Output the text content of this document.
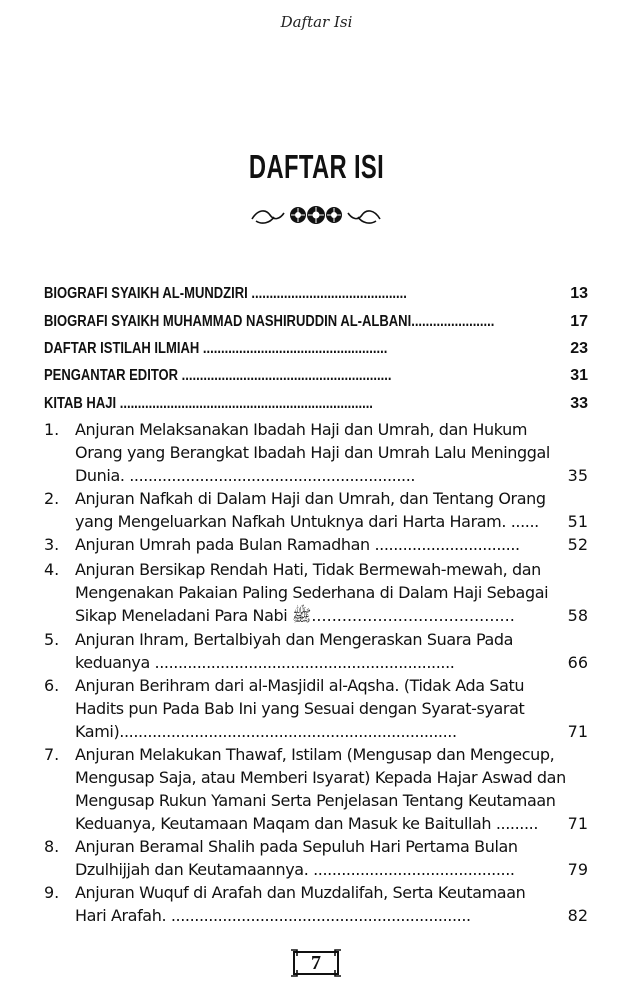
Daftar Isi
DAFTAR ISI
BIOGRAFI SYAIKH AL-MUNDZIRI ...........................................	13
BIOGRAFI SYAIKH MUHAMMAD NASHIRUDDIN AL-ALBANI.......................	17
DAFTAR ISTILAH ILMIAH ...................................................	23
PENGANTAR EDITOR ..........................................................	31
KITAB HAJI ......................................................................	33
1. Anjuran Melaksanakan Ibadah Haji dan Umrah, dan Hukum
Orang yang Berangkat Ibadah Haji dan Umrah Lalu Meninggal
Dunia. .............................................................	35
2. Anjuran Nafkah di Dalam Haji dan Umrah, dan Tentang Orang
yang Mengeluarkan Nafkah Untuknya dari Harta Haram. ......	51
3. Anjuran Umrah pada Bulan Ramadhan ...............................	52
4. Anjuran Bersikap Rendah Hati, Tidak Bermewah-mewah, dan
Mengenakan Pakaian Paling Sederhana di Dalam Haji Sebagai
Sikap Meneladani Para Nabi ﷺ........................................	58
5. Anjuran Ihram, Bertalbiyah dan Mengeraskan Suara Pada
keduanya ................................................................	66
6. Anjuran Berihram dari al-Masjidil al-Aqsha. (Tidak Ada Satu
Hadits pun Pada Bab Ini yang Sesuai dengan Syarat-syarat
Kami)........................................................................	71
7. Anjuran Melakukan Thawaf, Istilam (Mengusap dan Mengecup,
Mengusap Saja, atau Memberi Isyarat) Kepada Hajar Aswad dan
Mengusap Rukun Yamani Serta Penjelasan Tentang Keutamaan
Keduanya, Keutamaan Maqam dan Masuk ke Baitullah .........	71
8. Anjuran Beramal Shalih pada Sepuluh Hari Pertama Bulan
Dzulhijjah dan Keutamaannya. ...........................................	79
9. Anjuran Wuquf di Arafah dan Muzdalifah, Serta Keutamaan
Hari Arafah. ................................................................	82
7
